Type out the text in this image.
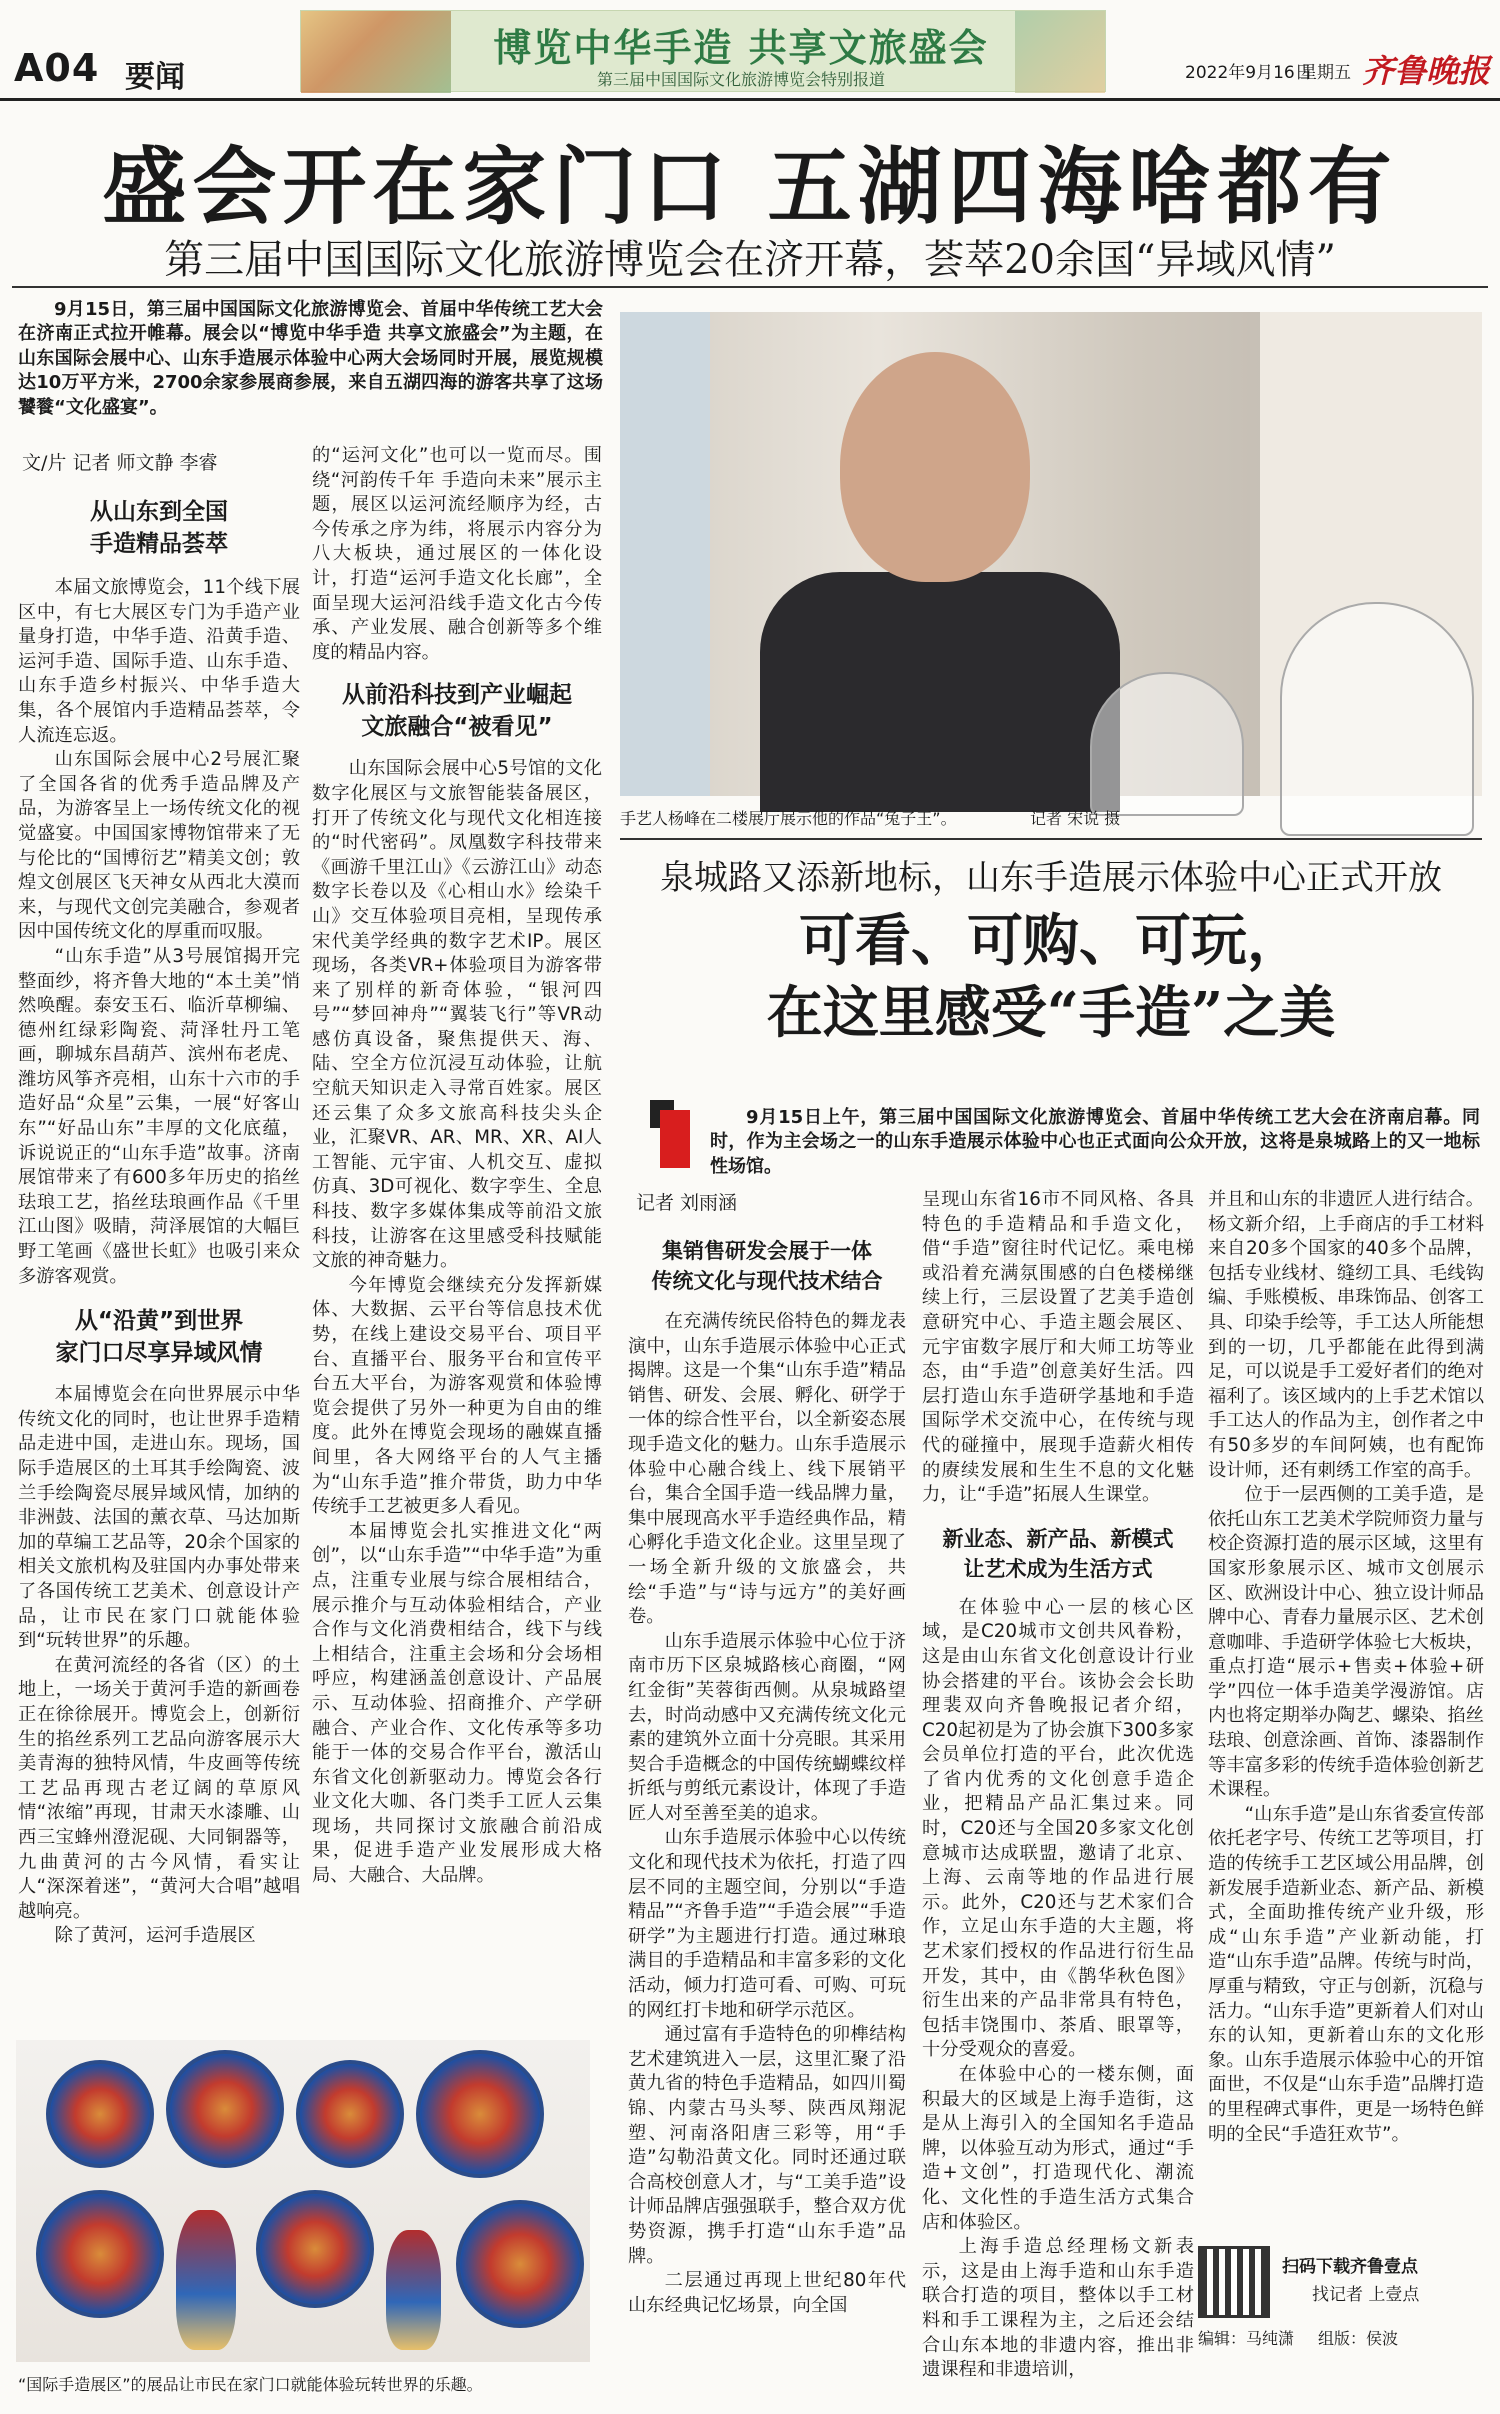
A04 要闻
博览中华手造 共享文旅盛会
第三届中国国际文化旅游博览会特别报道	2022年9月16日
星期五 齐鲁晚报
盛会开在家门口 五湖四海啥都有
第三届中国国际文化旅游博览会在济开幕，荟萃20余国“异域风情”

9月15日，第三届中国国际文化旅游博览会、首届中华传统工艺大会在济南正式拉开帷幕。展会以“博览中华手造 共享文旅盛会”为主题，在山东国际会展中心、山东手造展示体验中心两大会场同时开展，展览规模达10万平方米，2700余家参展商参展，来自五湖四海的游客共享了这场饕餮“文化盛宴”。

文/片 记者 师文静 李睿

从山东到全国
手造精品荟萃

本届文旅博览会，11个线下展区中，有七大展区专门为手造产业量身打造，中华手造、沿黄手造、运河手造、国际手造、山东手造、山东手造乡村振兴、中华手造大集，各个展馆内手造精品荟萃，令人流连忘返。

山东国际会展中心2号展汇聚了全国各省的优秀手造品牌及产品，为游客呈上一场传统文化的视觉盛宴。中国国家博物馆带来了无与伦比的“国博衍艺”精美文创；敦煌文创展区飞天神女从西北大漠而来，与现代文创完美融合，参观者因中国传统文化的厚重而叹服。

“山东手造”从3号展馆揭开完整面纱，将齐鲁大地的“本土美”悄然唤醒。泰安玉石、临沂草柳编、德州红绿彩陶瓷、菏泽牡丹工笔画，聊城东昌葫芦、滨州布老虎、潍坊风筝齐亮相，山东十六市的手造好品“众星”云集，一展“好客山东”“好品山东”丰厚的文化底蕴，诉说说正的“山东手造”故事。济南展馆带来了有600多年历史的掐丝珐琅工艺，掐丝珐琅画作品《千里江山图》吸睛，菏泽展馆的大幅巨野工笔画《盛世长虹》也吸引来众多游客观赏。

从“沿黄”到世界
家门口尽享异域风情

本届博览会在向世界展示中华传统文化的同时，也让世界手造精品走进中国，走进山东。现场，国际手造展区的土耳其手绘陶瓷、波兰手绘陶瓷尽展异域风情，加纳的非洲鼓、法国的薰衣草、马达加斯加的草编工艺品等，20余个国家的相关文旅机构及驻国内办事处带来了各国传统工艺美术、创意设计产品，让市民在家门口就能体验到“玩转世界”的乐趣。

在黄河流经的各省（区）的土地上，一场关于黄河手造的新画卷正在徐徐展开。博览会上，创新衍生的掐丝系列工艺品向游客展示大美青海的独特风情，牛皮画等传统工艺品再现古老辽阔的草原风情“浓缩”再现，甘肃天水漆雕、山西三宝蜂州澄泥砚、大同铜器等，九曲黄河的古今风情，看实让人“深深着迷”，“黄河大合唱”越唱越响亮。

除了黄河，运河手造展区

的“运河文化”也可以一览而尽。围绕“河韵传千年 手造向未来”展示主题，展区以运河流经顺序为经，古今传承之序为纬，将展示内容分为八大板块，通过展区的一体化设计，打造“运河手造文化长廊”，全面呈现大运河沿线手造文化古今传承、产业发展、融合创新等多个维度的精品内容。

从前沿科技到产业崛起
文旅融合“被看见”

山东国际会展中心5号馆的文化数字化展区与文旅智能装备展区，打开了传统文化与现代文化相连接的“时代密码”。凤凰数字科技带来《画游千里江山》《云游江山》动态数字长卷以及《心相山水》绘染千山》交互体验项目亮相，呈现传承宋代美学经典的数字艺术IP。展区现场，各类VR+体验项目为游客带来了别样的新奇体验，“银河四号”“梦回神舟”“翼装飞行”等VR动感仿真设备，聚焦提供天、海、陆、空全方位沉浸互动体验，让航空航天知识走入寻常百姓家。展区还云集了众多文旅高科技尖头企业，汇聚VR、AR、MR、XR、AI人工智能、元宇宙、人机交互、虚拟仿真、3D可视化、数字孪生、全息科技、数字多媒体集成等前沿文旅科技，让游客在这里感受科技赋能文旅的神奇魅力。

今年博览会继续充分发挥新媒体、大数据、云平台等信息技术优势，在线上建设交易平台、项目平台、直播平台、服务平台和宣传平台五大平台，为游客观赏和体验博览会提供了另外一种更为自由的维度。此外在博览会现场的融媒直播间里，各大网络平台的人气主播为“山东手造”推介带货，助力中华传统手工艺被更多人看见。

本届博览会扎实推进文化“两创”，以“山东手造”“中华手造”为重点，注重专业展与综合展相结合，展示推介与互动体验相结合，产业合作与文化消费相结合，线下与线上相结合，注重主会场和分会场相呼应，构建涵盖创意设计、产品展示、互动体验、招商推介、产学研融合、产业合作、文化传承等多功能于一体的交易合作平台，激活山东省文化创新驱动力。博览会各行业文化大咖、各门类手工匠人云集现场，共同探讨文旅融合前沿成果，促进手造产业发展形成大格局、大融合、大品牌。

手艺人杨峰在二楼展厅展示他的作品“兔子王”。	记者 宋说 摄
泉城路又添新地标，山东手造展示体验中心正式开放
可看、可购、可玩，
在这里感受“手造”之美

9月15日上午，第三届中国国际文化旅游博览会、首届中华传统工艺大会在济南启幕。同时，作为主会场之一的山东手造展示体验中心也正式面向公众开放，这将是泉城路上的又一地标性场馆。

记者 刘雨涵

集销售研发会展于一体
传统文化与现代技术结合

在充满传统民俗特色的舞龙表演中，山东手造展示体验中心正式揭牌。这是一个集“山东手造”精品销售、研发、会展、孵化、研学于一体的综合性平台，以全新姿态展现手造文化的魅力。山东手造展示体验中心融合线上、线下展销平台，集合全国手造一线品牌力量，集中展现高水平手造经典作品，精心孵化手造文化企业。这里呈现了一场全新升级的文旅盛会，共绘“手造”与“诗与远方”的美好画卷。

山东手造展示体验中心位于济南市历下区泉城路核心商圈，“网红金街”芙蓉街西侧。从泉城路望去，时尚动感中又充满传统文化元素的建筑外立面十分亮眼。其采用契合手造概念的中国传统蝴蝶纹样折纸与剪纸元素设计，体现了手造匠人对至善至美的追求。

山东手造展示体验中心以传统文化和现代技术为依托，打造了四层不同的主题空间，分别以“手造精品”“齐鲁手造”“手造会展”“手造研学”为主题进行打造。通过琳琅满目的手造精品和丰富多彩的文化活动，倾力打造可看、可购、可玩的网红打卡地和研学示范区。

通过富有手造特色的卯榫结构艺术建筑进入一层，这里汇聚了沿黄九省的特色手造精品，如四川蜀锦、内蒙古马头琴、陕西凤翔泥塑、河南洛阳唐三彩等，用“手造”勾勒沿黄文化。同时还通过联合高校创意人才，与“工美手造”设计师品牌店强强联手，整合双方优势资源，携手打造“山东手造”品牌。

二层通过再现上世纪80年代山东经典记忆场景，向全国

呈现山东省16市不同风格、各具特色的手造精品和手造文化，借“手造”窗往时代记忆。乘电梯或沿着充满氛围感的白色楼梯继续上行，三层设置了艺美手造创意研究中心、手造主题会展区、元宇宙数字展厅和大师工坊等业态，由“手造”创意美好生活。四层打造山东手造研学基地和手造国际学术交流中心，在传统与现代的碰撞中，展现手造薪火相传的赓续发展和生生不息的文化魅力，让“手造”拓展人生课堂。

新业态、新产品、新模式
让艺术成为生活方式

在体验中心一层的核心区域，是C20城市文创共风眷粉，这是由山东省文化创意设计行业协会搭建的平台。该协会会长助理裴双向齐鲁晚报记者介绍，C20起初是为了协会旗下300多家会员单位打造的平台，此次优选了省内优秀的文化创意手造企业，把精品产品汇集过来。同时，C20还与全国20多家文化创意城市达成联盟，邀请了北京、上海、云南等地的作品进行展示。此外，C20还与艺术家们合作，立足山东手造的大主题，将艺术家们授权的作品进行衍生品开发，其中，由《鹊华秋色图》衍生出来的产品非常具有特色，包括丰饶围巾、茶盾、眼罩等，十分受观众的喜爱。

在体验中心的一楼东侧，面积最大的区域是上海手造街，这是从上海引入的全国知名手造品牌，以体验互动为形式，通过“手造+文创”，打造现代化、潮流化、文化性的手造生活方式集合店和体验区。

上海手造总经理杨文新表示，这是由上海手造和山东手造联合打造的项目，整体以手工材料和手工课程为主，之后还会结合山东本地的非遗内容，推出非遗课程和非遗培训，

并且和山东的非遗匠人进行结合。杨文新介绍，上手商店的手工材料来自20多个国家的40多个品牌，包括专业线材、缝纫工具、毛线钩编、手账模板、串珠饰品、创客工具、印染手绘等，手工达人所能想到的一切，几乎都能在此得到满足，可以说是手工爱好者们的绝对福利了。该区域内的上手艺术馆以手工达人的作品为主，创作者之中有50多岁的车间阿姨，也有配饰设计师，还有刺绣工作室的高手。

位于一层西侧的工美手造，是依托山东工艺美术学院师资力量与校企资源打造的展示区域，这里有国家形象展示区、城市文创展示区、欧洲设计中心、独立设计师品牌中心、青春力量展示区、艺术创意咖啡、手造研学体验七大板块，重点打造“展示+售卖+体验+研学”四位一体手造美学漫游馆。店内也将定期举办陶艺、螺染、掐丝珐琅、创意涂画、首饰、漆器制作等丰富多彩的传统手造体验创新艺术课程。

“山东手造”是山东省委宣传部依托老字号、传统工艺等项目，打造的传统手工艺区域公用品牌，创新发展手造新业态、新产品、新模式，全面助推传统产业升级，形成“山东手造”产业新动能，打造“山东手造”品牌。传统与时尚，厚重与精致，守正与创新，沉稳与活力。“山东手造”更新着人们对山东的认知，更新着山东的文化形象。山东手造展示体验中心的开馆面世，不仅是“山东手造”品牌打造的里程碑式事件，更是一场特色鲜明的全民“手造狂欢节”。

“国际手造展区”的展品让市民在家门口就能体验玩转世界的乐趣。
扫码下载齐鲁壹点
找记者 上壹点
编辑：马纯潇 组版：侯波
